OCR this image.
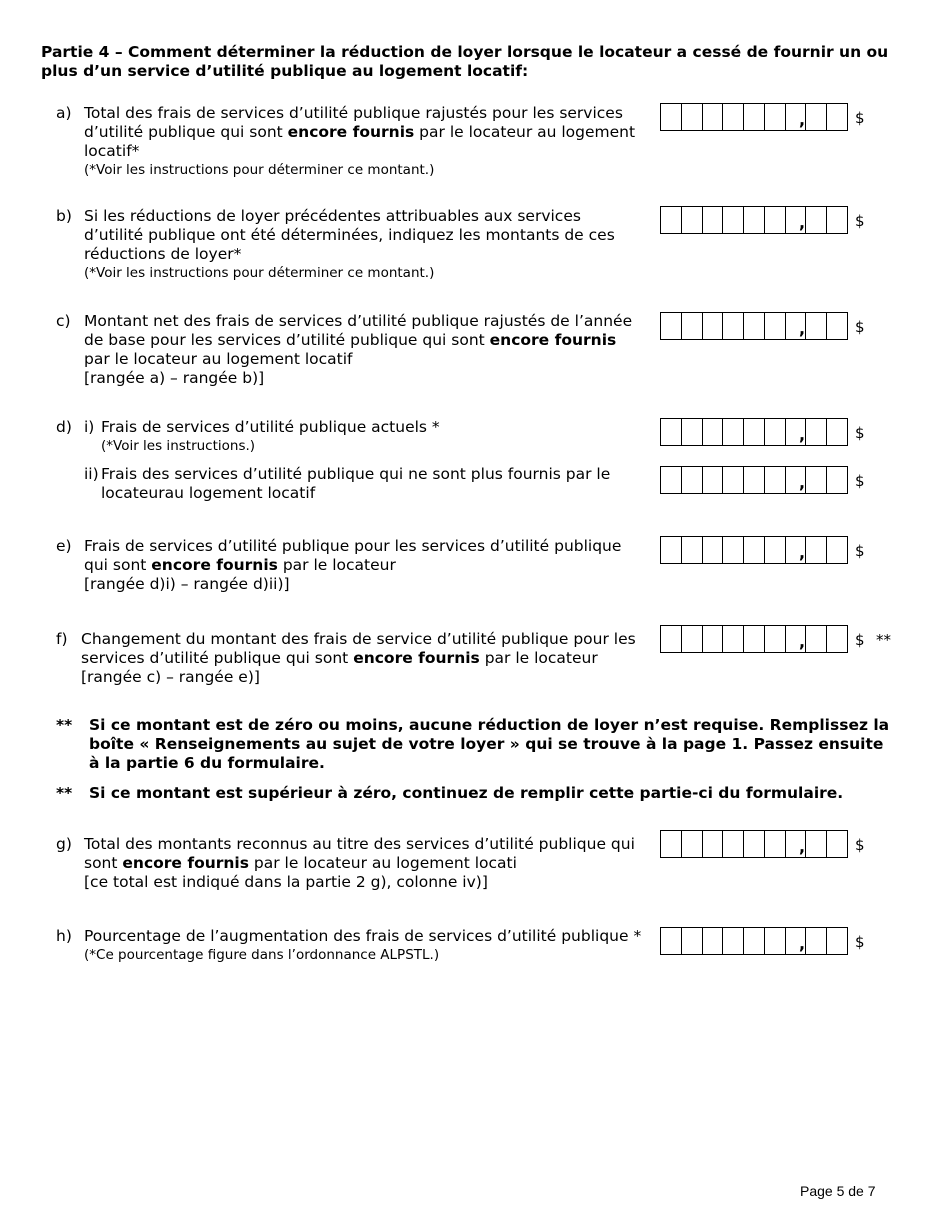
Partie 4 – Comment déterminer la réduction de loyer lorsque le locateur a cessé de fournir un ou plus d’un service d’utilité publique au logement locatif:
a) Total des frais de services d’utilité publique rajustés pour les services d’utilité publique qui sont encore fournis par le locateur au logement locatif*
(*Voir les instructions pour déterminer ce montant.)
,	$
b) Si les réductions de loyer précédentes attribuables aux services d’utilité publique ont été déterminées, indiquez les montants de ces réductions de loyer*
(*Voir les instructions pour déterminer ce montant.)
,	$
c) Montant net des frais de services d’utilité publique rajustés de l’année de base pour les services d’utilité publique qui sont encore fournis par le locateur au logement locatif
[rangée a) – rangée b)]
,	$
d) i) Frais de services d’utilité publique actuels *
(*Voir les instructions.)
,	$
ii) Frais des services d’utilité publique qui ne sont plus fournis par le locateurau logement locatif
,	$
e) Frais de services d’utilité publique pour les services d’utilité publique qui sont encore fournis par le locateur
[rangée d)i) – rangée d)ii)]
,	$
f) Changement du montant des frais de service d’utilité publique pour les services d’utilité publique qui sont encore fournis par le locateur
[rangée c) – rangée e)]
,	$ **
** Si ce montant est de zéro ou moins, aucune réduction de loyer n’est requise. Remplissez la boîte « Renseignements au sujet de votre loyer » qui se trouve à la page 1. Passez ensuite à la partie 6 du formulaire.
** Si ce montant est supérieur à zéro, continuez de remplir cette partie-ci du formulaire.
g) Total des montants reconnus au titre des services d’utilité publique qui sont encore fournis par le locateur au logement locati
[ce total est indiqué dans la partie 2 g), colonne iv)]
,	$
h) Pourcentage de l’augmentation des frais de services d’utilité publique *
(*Ce pourcentage figure dans l’ordonnance ALPSTL.)
,	$
Page 5 de 7
